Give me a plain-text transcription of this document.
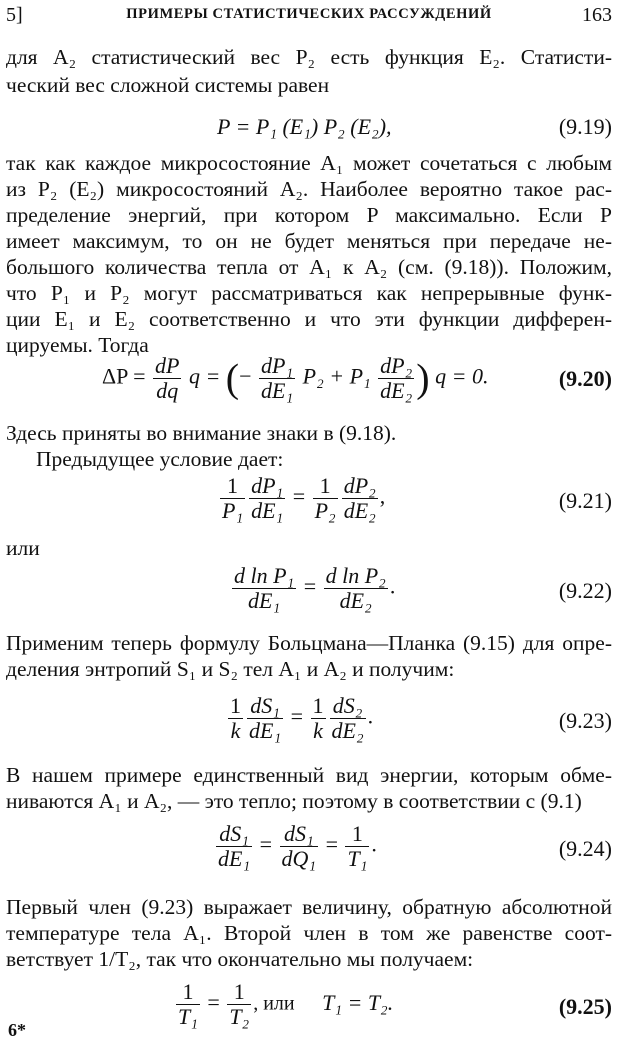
5]	ПРИМЕРЫ СТАТИСТИЧЕСКИХ РАССУЖДЕНИЙ	163
для A₂ статистический вес P₂ есть функция E₂. Статисти-
ческий вес сложной системы равен
P = P₁ (E₁) P₂ (E₂),	(9.19)
так как каждое микросостояние A₁ может сочетаться с любым
из P₂ (E₂) микросостояний A₂. Наиболее вероятно такое рас-
пределение энергий, при котором P максимально. Если P
имеет максимум, то он не будет меняться при передаче не-
большого количества тепла от A₁ к A₂ (см. (9.18)). Положим,
что P₁ и P₂ могут рассматриваться как непрерывные функ-
ции E₁ и E₂ соответственно и что эти функции дифферен-
цируемы. Тогда
$\Delta P = \frac{dP}{dq}$ q = (− $\frac{\text{dP₁}}{\text{dE₁}} P_2 + P_1 \frac{\text{dP₂}}{\text{dE₂}}$ ) q = 0.	(9.20)
Здесь приняты во внимание знаки в (9.18).
Предыдущее условие дает:
$\frac{1}{\text{P₁}} \frac{\text{dP₁}}{\text{dE₁}} = \frac{1}{\text{P₂}} \frac{\text{dP₂}}{\text{dE₂}}$ ,	(9.21)
или
$\frac{\text{d ln P₁}}{\text{dE₁}} = \frac{\text{d ln P₂}}{\text{dE₂}}$ .	(9.22)
Применим теперь формулу Больцмана—Планка (9.15) для опре-
деления энтропий S₁ и S₂ тел A₁ и A₂ и получим:
$\frac{1}{k} \frac{\text{dS₁}}{\text{dE₁}} = \frac{1}{k} \frac{\text{dS₂}}{\text{dE₂}}$ .	(9.23)
В нашем примере единственный вид энергии, которым обме-
ниваются A₁ и A₂, — это тепло; поэтому в соответствии с (9.1)
$\frac{\text{dS₁}}{\text{dE₁}} = \frac{\text{dS₁}}{\text{dQ₁}} = \frac{1}{\text{T₁}}$ .	(9.24)
Первый член (9.23) выражает величину, обратную абсолютной
температуре тела A₁. Второй член в том же равенстве соот-
ветствует 1/T₂, так что окончательно мы получаем:
$\frac{1}{\text{T₁}} = \frac{1}{\text{T₂}}$ , или T₁ = T₂.	(9.25)
6*
